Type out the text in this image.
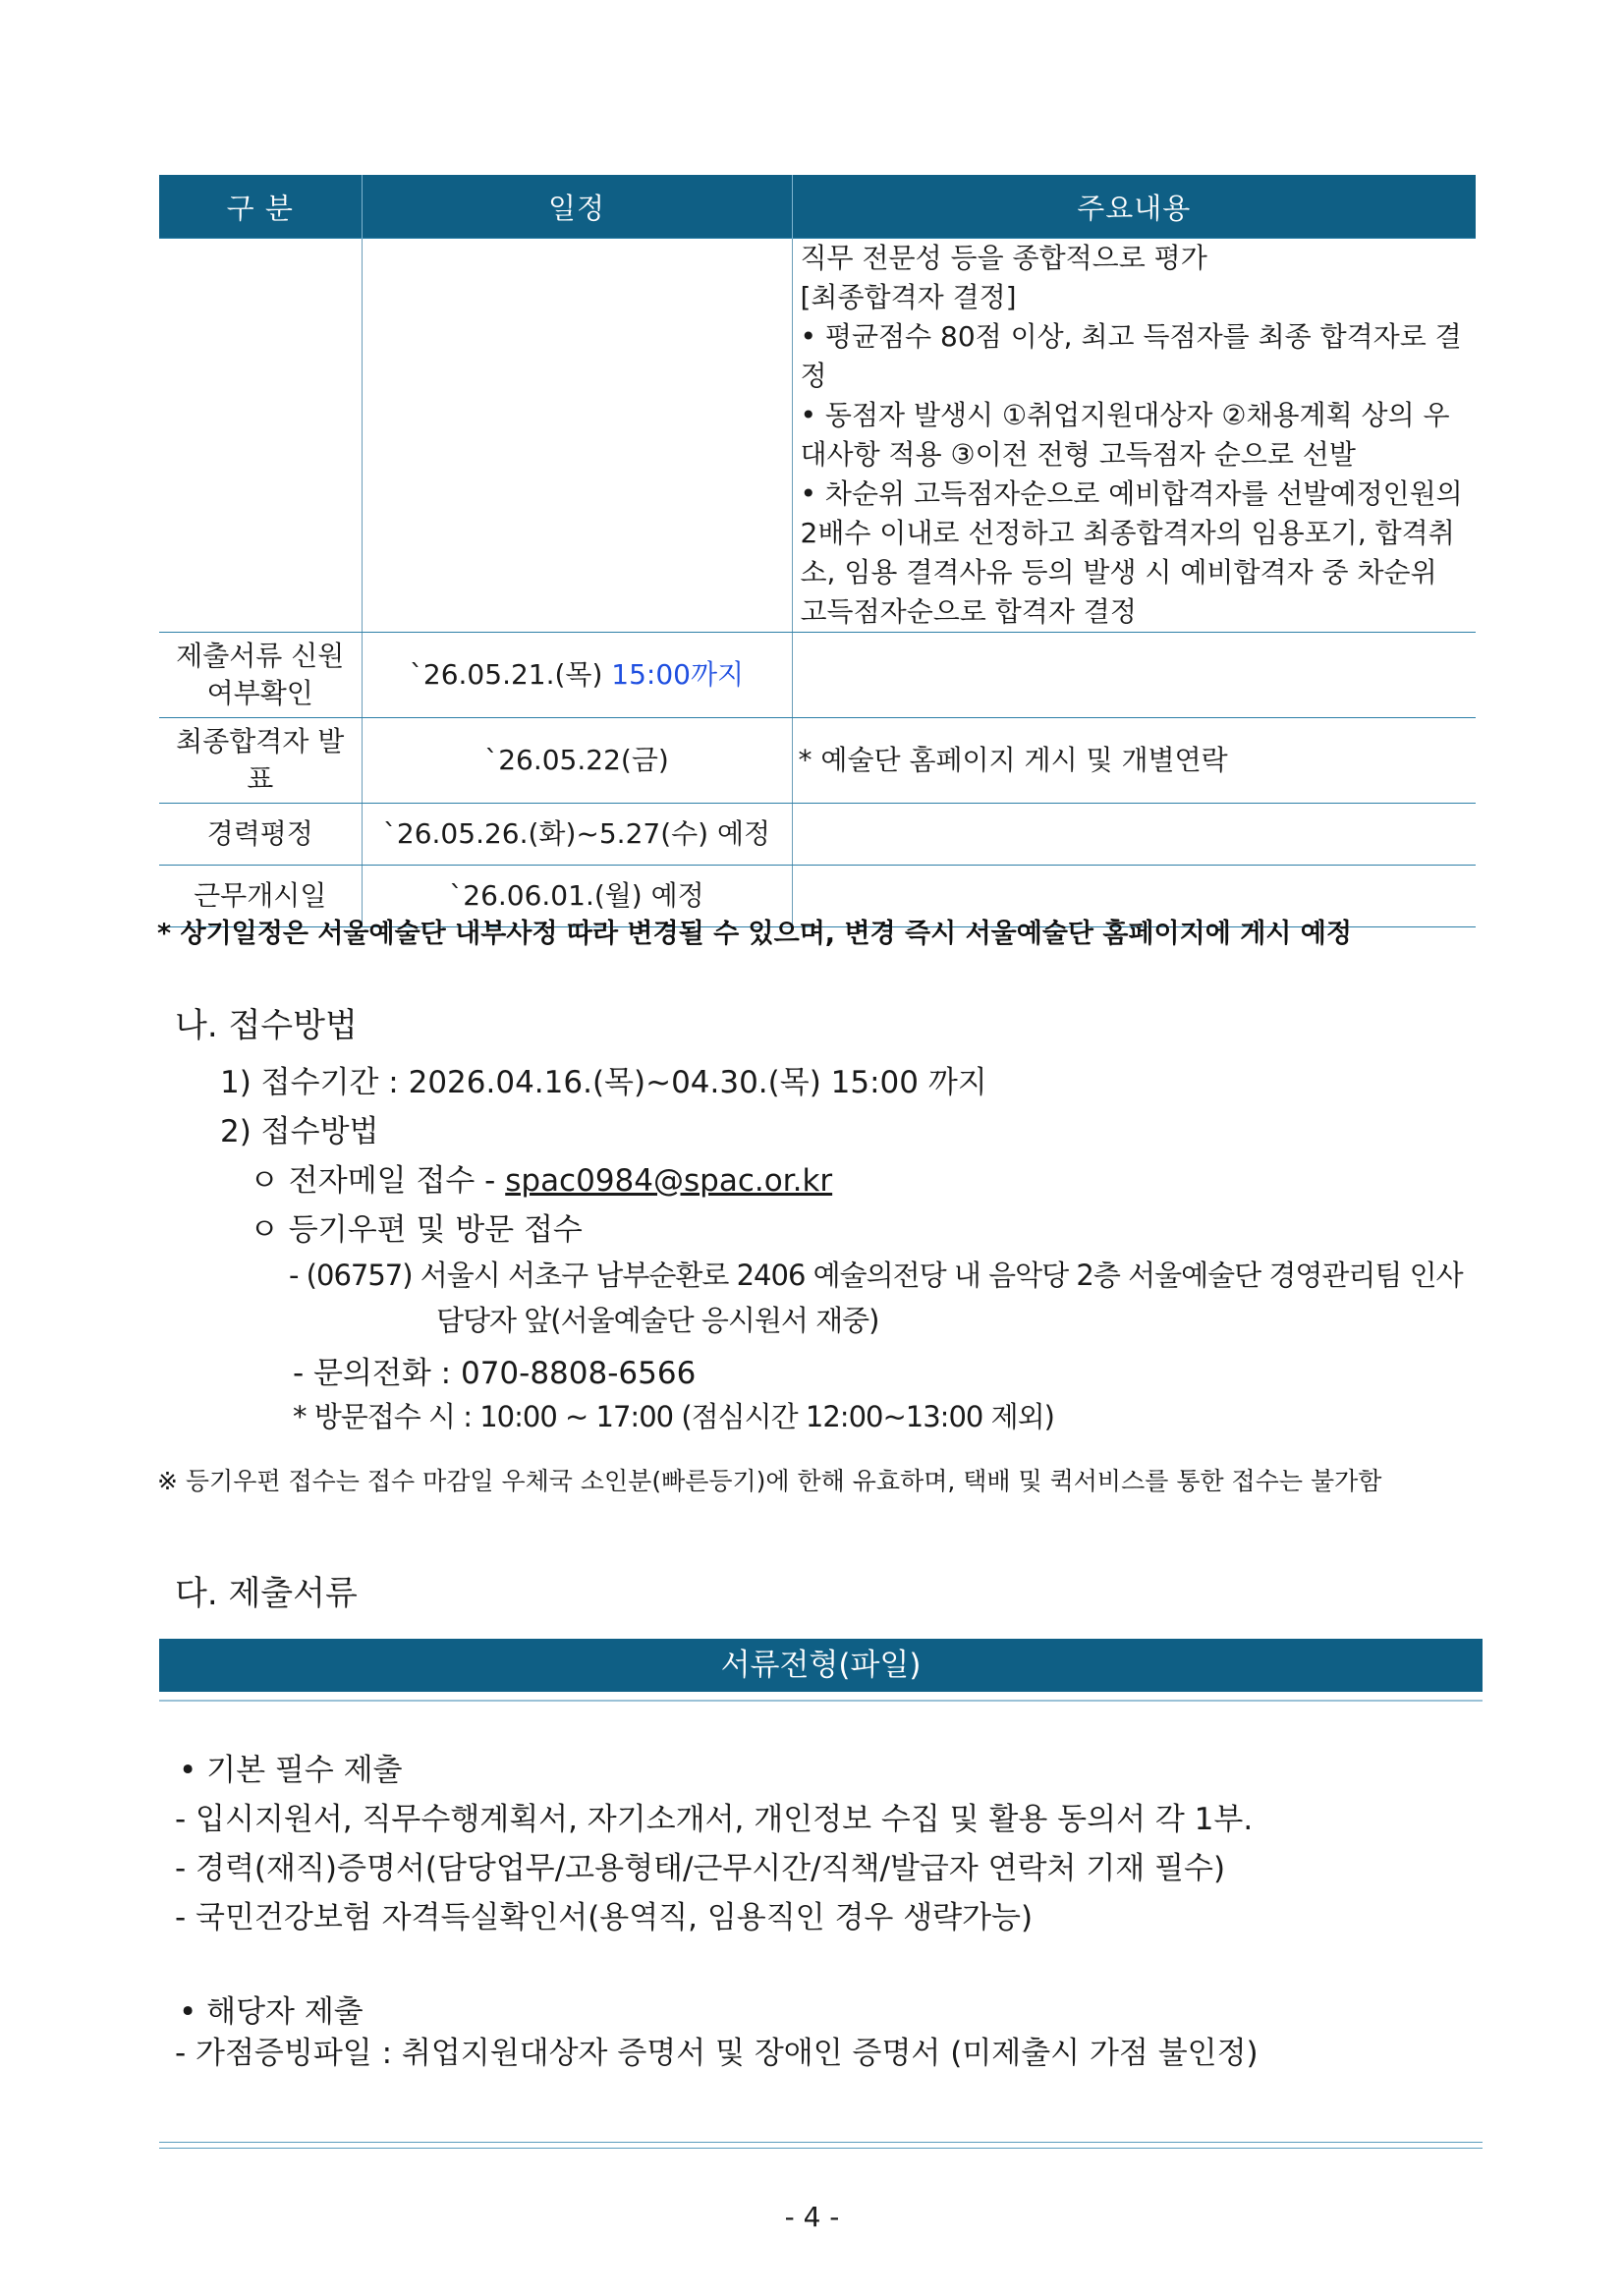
구 분	일정	주요내용

		직무 전문성 등을 종합적으로 평가
[최종합격자 결정]
• 평균점수 80점 이상, 최고 득점자를 최종 합격자로 결정
• 동점자 발생시 ①취업지원대상자 ②채용계획 상의 우대사항 적용 ③이전 전형 고득점자 순으로 선발
• 차순위 고득점자순으로 예비합격자를 선발예정인원의 2배수 이내로 선정하고 최종합격자의 임용포기, 합격취소, 임용 결격사유 등의 발생 시 예비합격자 중 차순위 고득점자순으로 합격자 결정

제출서류 신원여부확인	`26.05.21.(목) 15:00까지	
최종합격자 발표	`26.05.22(금)	* 예술단 홈페이지 게시 및 개별연락
경력평정	`26.05.26.(화)~5.27(수) 예정	
근무개시일	`26.06.01.(월) 예정	
* 상기일정은 서울예술단 내부사정 따라 변경될 수 있으며, 변경 즉시 서울예술단 홈페이지에 게시 예정
나. 접수방법
1) 접수기간 : 2026.04.16.(목)~04.30.(목) 15:00 까지
2) 접수방법
ㅇ 전자메일 접수 - spac0984@spac.or.kr
ㅇ 등기우편 및 방문 접수
- (06757) 서울시 서초구 남부순환로 2406 예술의전당 내 음악당 2층 서울예술단 경영관리팀 인사
담당자 앞(서울예술단 응시원서 재중)
- 문의전화 : 070-8808-6566
* 방문접수 시 : 10:00 ~ 17:00 (점심시간 12:00~13:00 제외)
※ 등기우편 접수는 접수 마감일 우체국 소인분(빠른등기)에 한해 유효하며, 택배 및 퀵서비스를 통한 접수는 불가함
다. 제출서류
서류전형(파일)
• 기본 필수 제출
- 입시지원서, 직무수행계획서, 자기소개서, 개인정보 수집 및 활용 동의서 각 1부.
- 경력(재직)증명서(담당업무/고용형태/근무시간/직책/발급자 연락처 기재 필수)
- 국민건강보험 자격득실확인서(용역직, 임용직인 경우 생략가능)
• 해당자 제출
- 가점증빙파일 : 취업지원대상자 증명서 및 장애인 증명서 (미제출시 가점 불인정)
- 4 -
